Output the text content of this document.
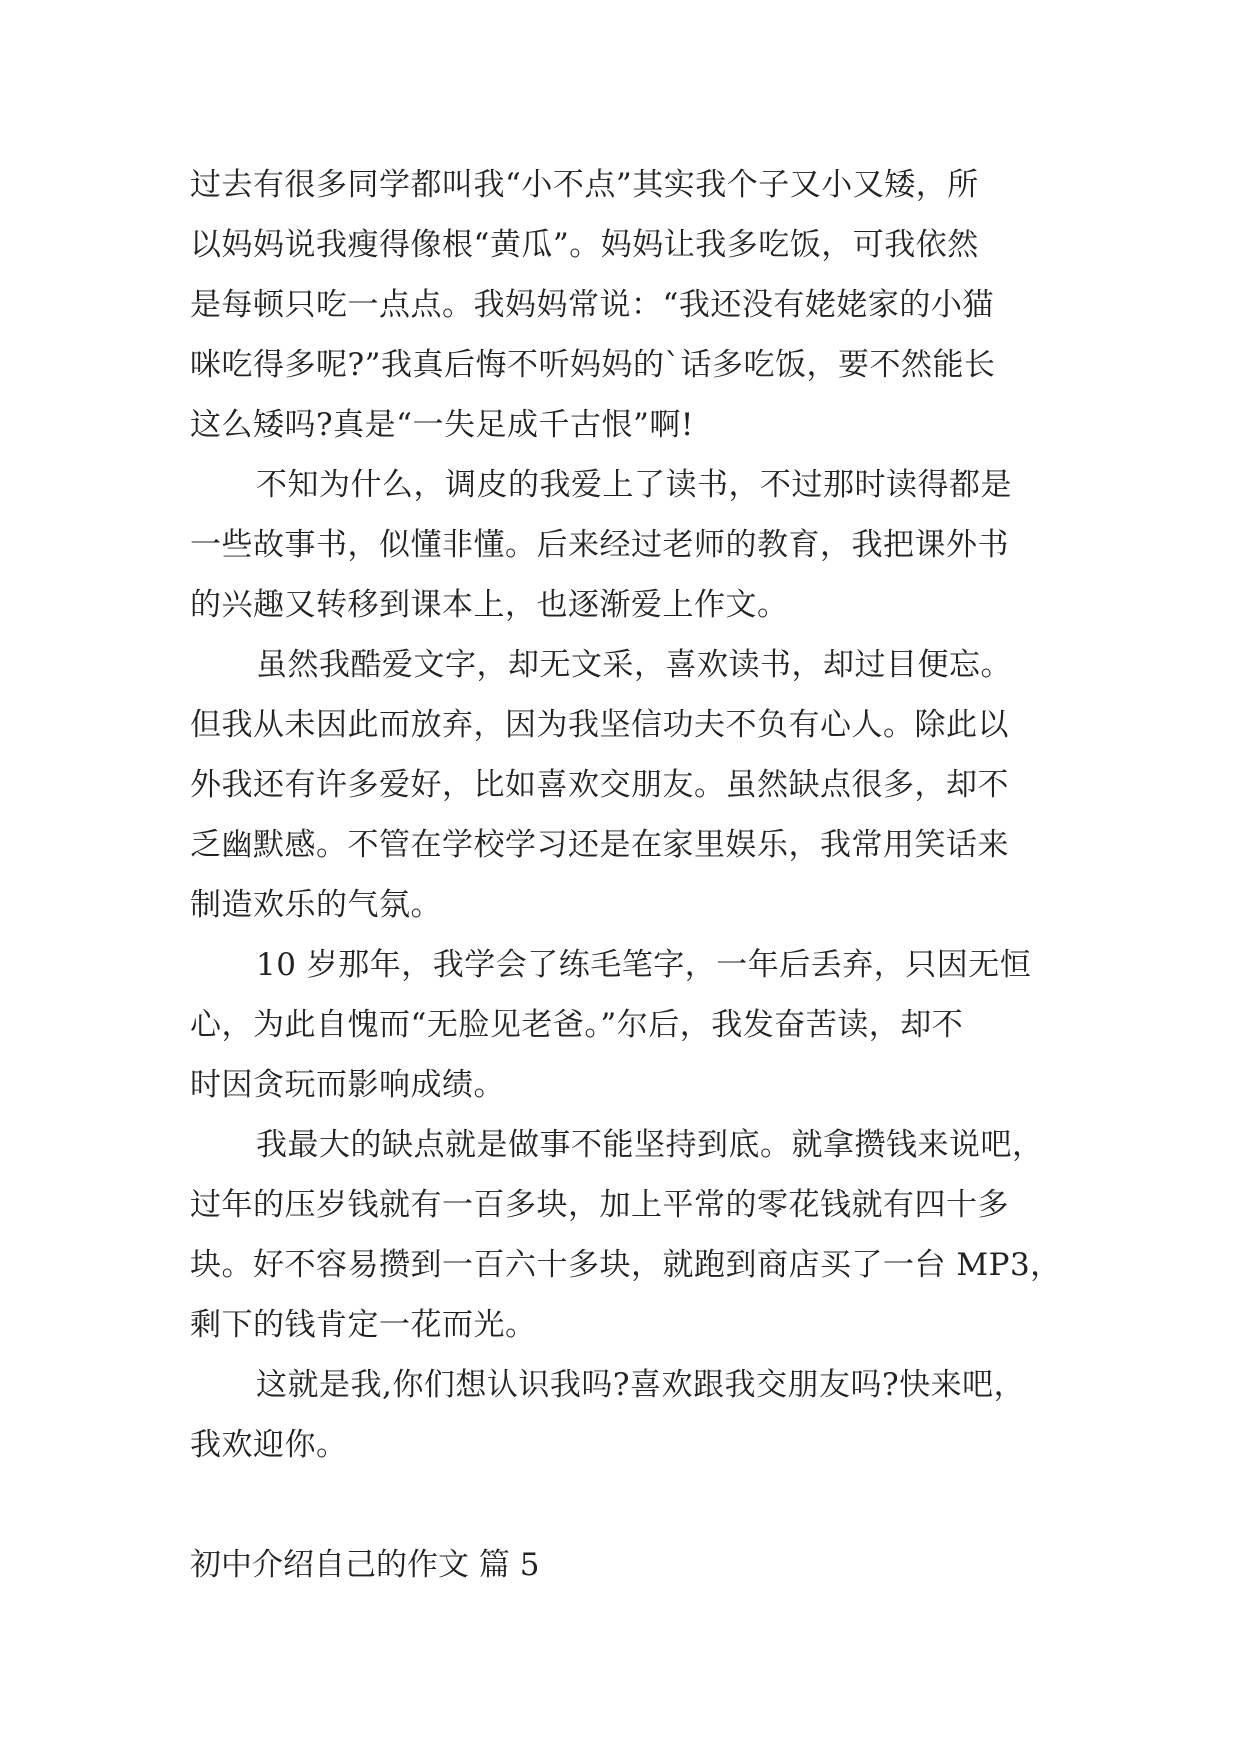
过去有很多同学都叫我“小不点”其实我个子又小又矮，所
以妈妈说我瘦得像根“黄瓜”。妈妈让我多吃饭，可我依然
是每顿只吃一点点。我妈妈常说：“我还没有姥姥家的小猫
咪吃得多呢?”我真后悔不听妈妈的`话多吃饭，要不然能长
这么矮吗?真是“一失足成千古恨”啊!
不知为什么，调皮的我爱上了读书，不过那时读得都是
一些故事书，似懂非懂。后来经过老师的教育，我把课外书
的兴趣又转移到课本上，也逐渐爱上作文。
虽然我酷爱文字，却无文采，喜欢读书，却过目便忘。
但我从未因此而放弃，因为我坚信功夫不负有心人。除此以
外我还有许多爱好，比如喜欢交朋友。虽然缺点很多，却不
乏幽默感。不管在学校学习还是在家里娱乐，我常用笑话来
制造欢乐的气氛。
10 岁那年，我学会了练毛笔字，一年后丢弃，只因无恒
心，为此自愧而“无脸见老爸。”尔后，我发奋苦读，却不
时因贪玩而影响成绩。
我最大的缺点就是做事不能坚持到底。就拿攒钱来说吧，
过年的压岁钱就有一百多块，加上平常的零花钱就有四十多
块。好不容易攒到一百六十多块，就跑到商店买了一台 MP3，
剩下的钱肯定一花而光。
这就是我,你们想认识我吗?喜欢跟我交朋友吗?快来吧，
我欢迎你。
初中介绍自己的作文 篇 5
